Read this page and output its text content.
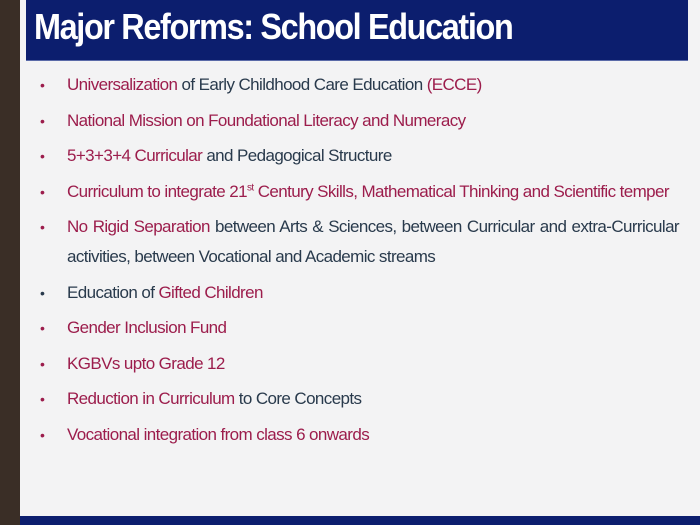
Major Reforms: School Education
• Universalization of Early Childhood Care Education (ECCE)
• National Mission on Foundational Literacy and Numeracy
• 5+3+3+4 Curricular and Pedagogical Structure
• Curriculum to integrate 21st Century Skills, Mathematical Thinking and Scientific temper
• No Rigid Separation between Arts & Sciences, between Curricular and extra-Curricular activities, between Vocational and Academic streams
• Education of Gifted Children
• Gender Inclusion Fund
• KGBVs upto Grade 12
• Reduction in Curriculum to Core Concepts
• Vocational integration from class 6 onwards
